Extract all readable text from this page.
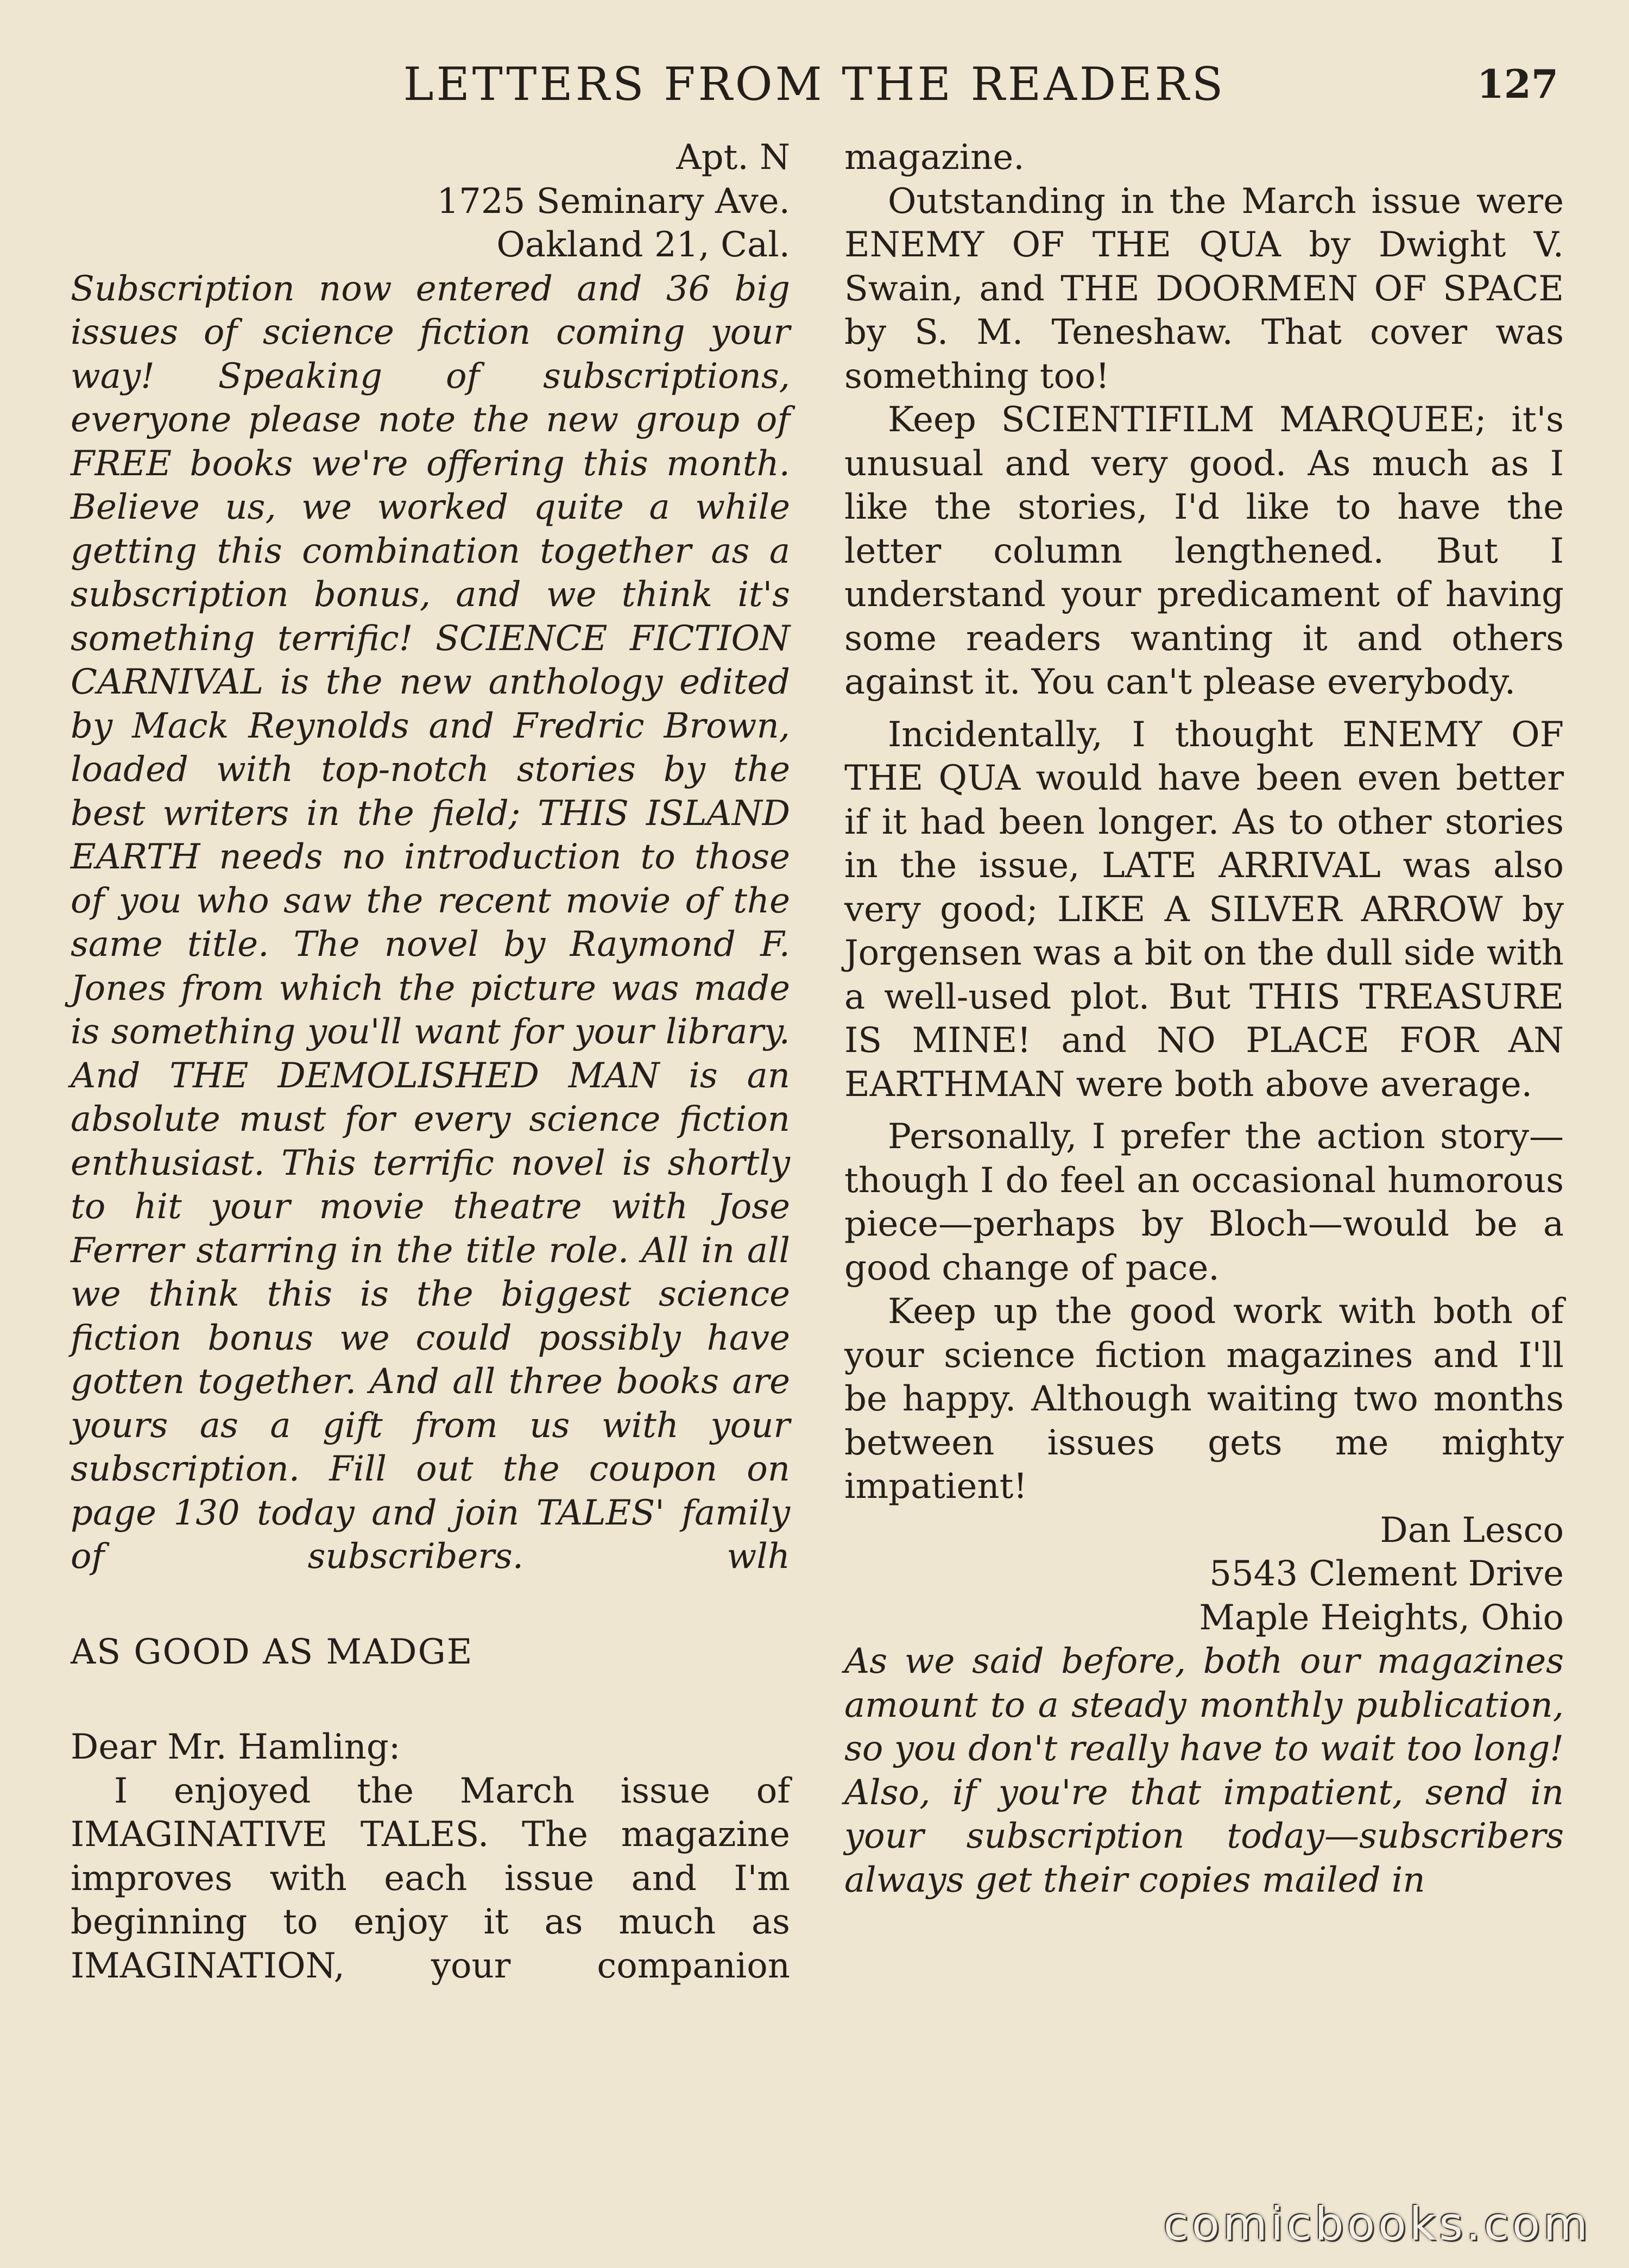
LETTERS FROM THE READERS	127

Apt. N

1725 Seminary Ave.

Oakland 21, Cal.

Subscription now entered and 36 big issues of science fiction coming your way! Speaking of subscriptions, everyone please note the new group of FREE books we're offering this month. Believe us, we worked quite a while getting this combination together as a subscription bonus, and we think it's something terrific! SCIENCE FICTION CARNIVAL is the new anthology edited by Mack Reynolds and Fredric Brown, loaded with top-notch stories by the best writers in the field; THIS ISLAND EARTH needs no introduction to those of you who saw the recent movie of the same title. The novel by Raymond F. Jones from which the picture was made is something you'll want for your library. And THE DEMOLISHED MAN is an absolute must for every science fiction enthusiast. This terrific novel is shortly to hit your movie theatre with Jose Ferrer starring in the title role. All in all we think this is the biggest science fiction bonus we could possibly have gotten together. And all three books are yours as a gift from us with your subscription. Fill out the coupon on page 130 today and join TALES' family of subscribers.	wlh

AS GOOD AS MADGE

Dear Mr. Hamling:

I enjoyed the March issue of IMAGINATIVE TALES. The magazine improves with each issue and I'm beginning to enjoy it as much as IMAGINATION, your companion

magazine.

Outstanding in the March issue were ENEMY OF THE QUA by Dwight V. Swain, and THE DOORMEN OF SPACE by S. M. Teneshaw. That cover was something too!

Keep SCIENTIFILM MARQUEE; it's unusual and very good. As much as I like the stories, I'd like to have the letter column lengthened. But I understand your predicament of having some readers wanting it and others against it. You can't please everybody.

Incidentally, I thought ENEMY OF THE QUA would have been even better if it had been longer. As to other stories in the issue, LATE ARRIVAL was also very good; LIKE A SILVER ARROW by Jorgensen was a bit on the dull side with a well-used plot. But THIS TREASURE IS MINE! and NO PLACE FOR AN EARTHMAN were both above average.

Personally, I prefer the action story—though I do feel an occasional humorous piece—perhaps by Bloch—would be a good change of pace.

Keep up the good work with both of your science fiction magazines and I'll be happy. Although waiting two months between issues gets me mighty impatient!

Dan Lesco

5543 Clement Drive

Maple Heights, Ohio

As we said before, both our magazines amount to a steady monthly publication, so you don't really have to wait too long! Also, if you're that impatient, send in your subscription today—subscribers always get their copies mailed in

comicbooks.com
